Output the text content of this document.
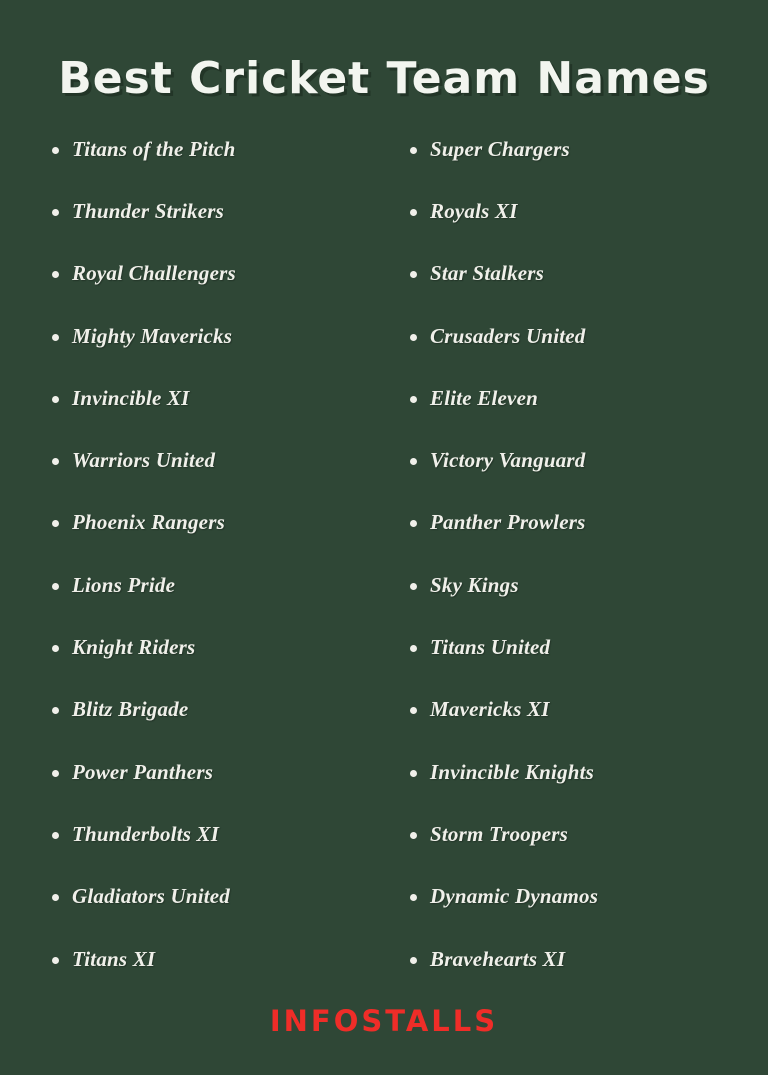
Best Cricket Team Names
Titans of the Pitch
Thunder Strikers
Royal Challengers
Mighty Mavericks
Invincible XI
Warriors United
Phoenix Rangers
Lions Pride
Knight Riders
Blitz Brigade
Power Panthers
Thunderbolts XI
Gladiators United
Titans XI
Super Chargers
Royals XI
Star Stalkers
Crusaders United
Elite Eleven
Victory Vanguard
Panther Prowlers
Sky Kings
Titans United
Mavericks XI
Invincible Knights
Storm Troopers
Dynamic Dynamos
Bravehearts XI
INFOSTALLS
